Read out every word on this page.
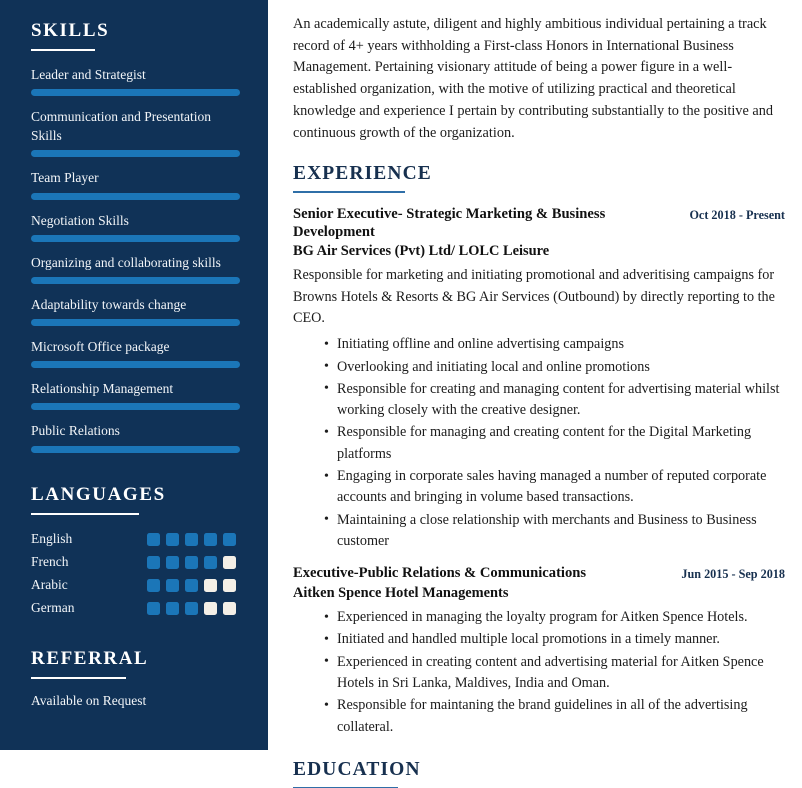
SKILLS
Leader and Strategist
Communication and Presentation Skills
Team Player
Negotiation Skills
Organizing and collaborating skills
Adaptability towards change
Microsoft Office package
Relationship Management
Public Relations
LANGUAGES
English
French
Arabic
German
REFERRAL
Available on Request

An academically astute, diligent and highly ambitious individual pertaining a track record of 4+ years withholding a First-class Honors in International Business Management. Pertaining visionary attitude of being a power figure in a well-established organization, with the motive of utilizing practical and theoretical knowledge and experience I pertain by contributing substantially to the positive and continuous growth of the organization.

EXPERIENCE
Senior Executive- Strategic Marketing & Business Development
Oct 2018 - Present
BG Air Services (Pvt) Ltd/ LOLC Leisure
Responsible for marketing and initiating promotional and adveritising campaigns for Browns Hotels & Resorts & BG Air Services (Outbound) by directly reporting to the CEO.
• Initiating offline and online advertising campaigns
• Overlooking and initiating local and online promotions
• Responsible for creating and managing content for advertising material whilst working closely with the creative designer.
• Responsible for managing and creating content for the Digital Marketing platforms
• Engaging in corporate sales having managed a number of reputed corporate accounts and bringing in volume based transactions.
• Maintaining a close relationship with merchants and Business to Business customer
Executive-Public Relations & Communications	Jun 2015 - Sep 2018
Aitken Spence Hotel Managements
• Experienced in managing the loyalty program for Aitken Spence Hotels.
• Initiated and handled multiple local promotions in a timely manner.
• Experienced in creating content and advertising material for Aitken Spence Hotels in Sri Lanka, Maldives, India and Oman.
• Responsible for maintaning the brand guidelines in all of the advertising collateral.
EDUCATION
